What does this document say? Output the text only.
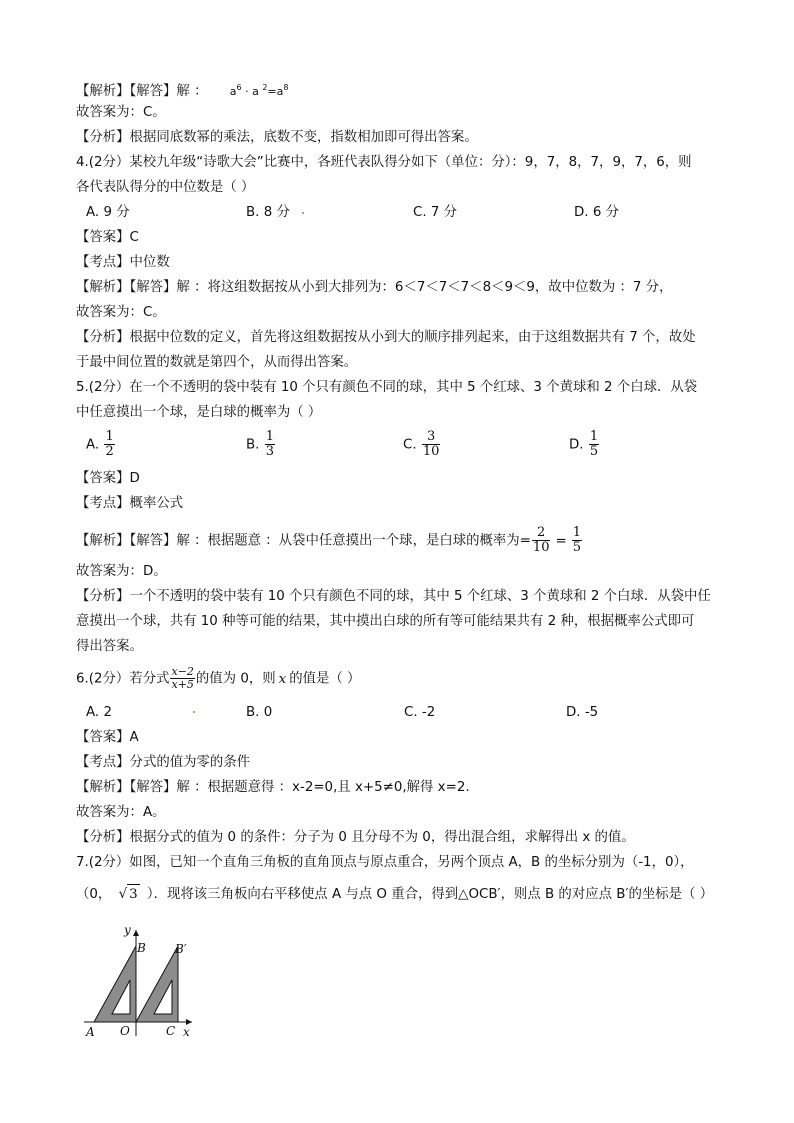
【解析】【解答】解 ： $a^6 \cdot a$ $^2=a^8$
故答案为：C。
【分析】根据同底数幂的乘法，底数不变，指数相加即可得出答案。
4.(2分）某校九年级“诗歌大会”比赛中，各班代表队得分如下（单位：分）：9，7，8，7，9，7，6，则
各代表队得分的中位数是（ ）
A. 9 分	B. 8 分	C. 7 分	D. 6 分
【答案】C
【考点】中位数
【解析】【解答】解 ：将这组数据按从小到大排列为：6＜7＜7＜7＜8＜9＜9，故中位数为 ：7 分，
故答案为：C。
【分析】根据中位数的定义，首先将这组数据按从小到大的顺序排列起来，由于这组数据共有 7 个，故处
于最中间位置的数就是第四个，从而得出答案。
5.(2分）在一个不透明的袋中装有 10 个只有颜色不同的球，其中 5 个红球、3 个黄球和 2 个白球．从袋
中任意摸出一个球，是白球的概率为（ ）
A. $\frac{1}{2}$	B. $\frac{1}{3}$	C. $\frac{3}{10}$	D. $\frac{1}{5}$
【答案】D
【考点】概率公式
【解析】【解答】解 ：根据题意 ：从袋中任意摸出一个球，是白球的概率为= $\frac{2}{10} = \frac{1}{5}$
故答案为：D。
【分析】一个不透明的袋中装有 10 个只有颜色不同的球，其中 5 个红球、3 个黄球和 2 个白球．从袋中任
意摸出一个球，共有 10 种等可能的结果，其中摸出白球的所有等可能结果共有 2 种，根据概率公式即可
得出答案。
6.(2分）若分式 $\frac{x-2}{x+5}$ 的值为 0，则 x 的值是（ ）
A. 2	B. 0	C. -2	D. -5
【答案】A
【考点】分式的值为零的条件
【解析】【解答】解 ：根据题意得 ：x-2=0,且 x+5≠0,解得 x=2.
故答案为：A。
【分析】根据分式的值为 0 的条件：分子为 0 且分母不为 0，得出混合组，求解得出 x 的值。
7.(2分）如图，已知一个直角三角板的直角顶点与原点重合，另两个顶点 A，B 的坐标分别为（-1，0），
（0， √ 3 ）．现将该三角板向右平移使点 A 与点 O 重合，得到△OCB′，则点 B 的对应点 B′的坐标是（ ）
y
B B′
A O	C x
